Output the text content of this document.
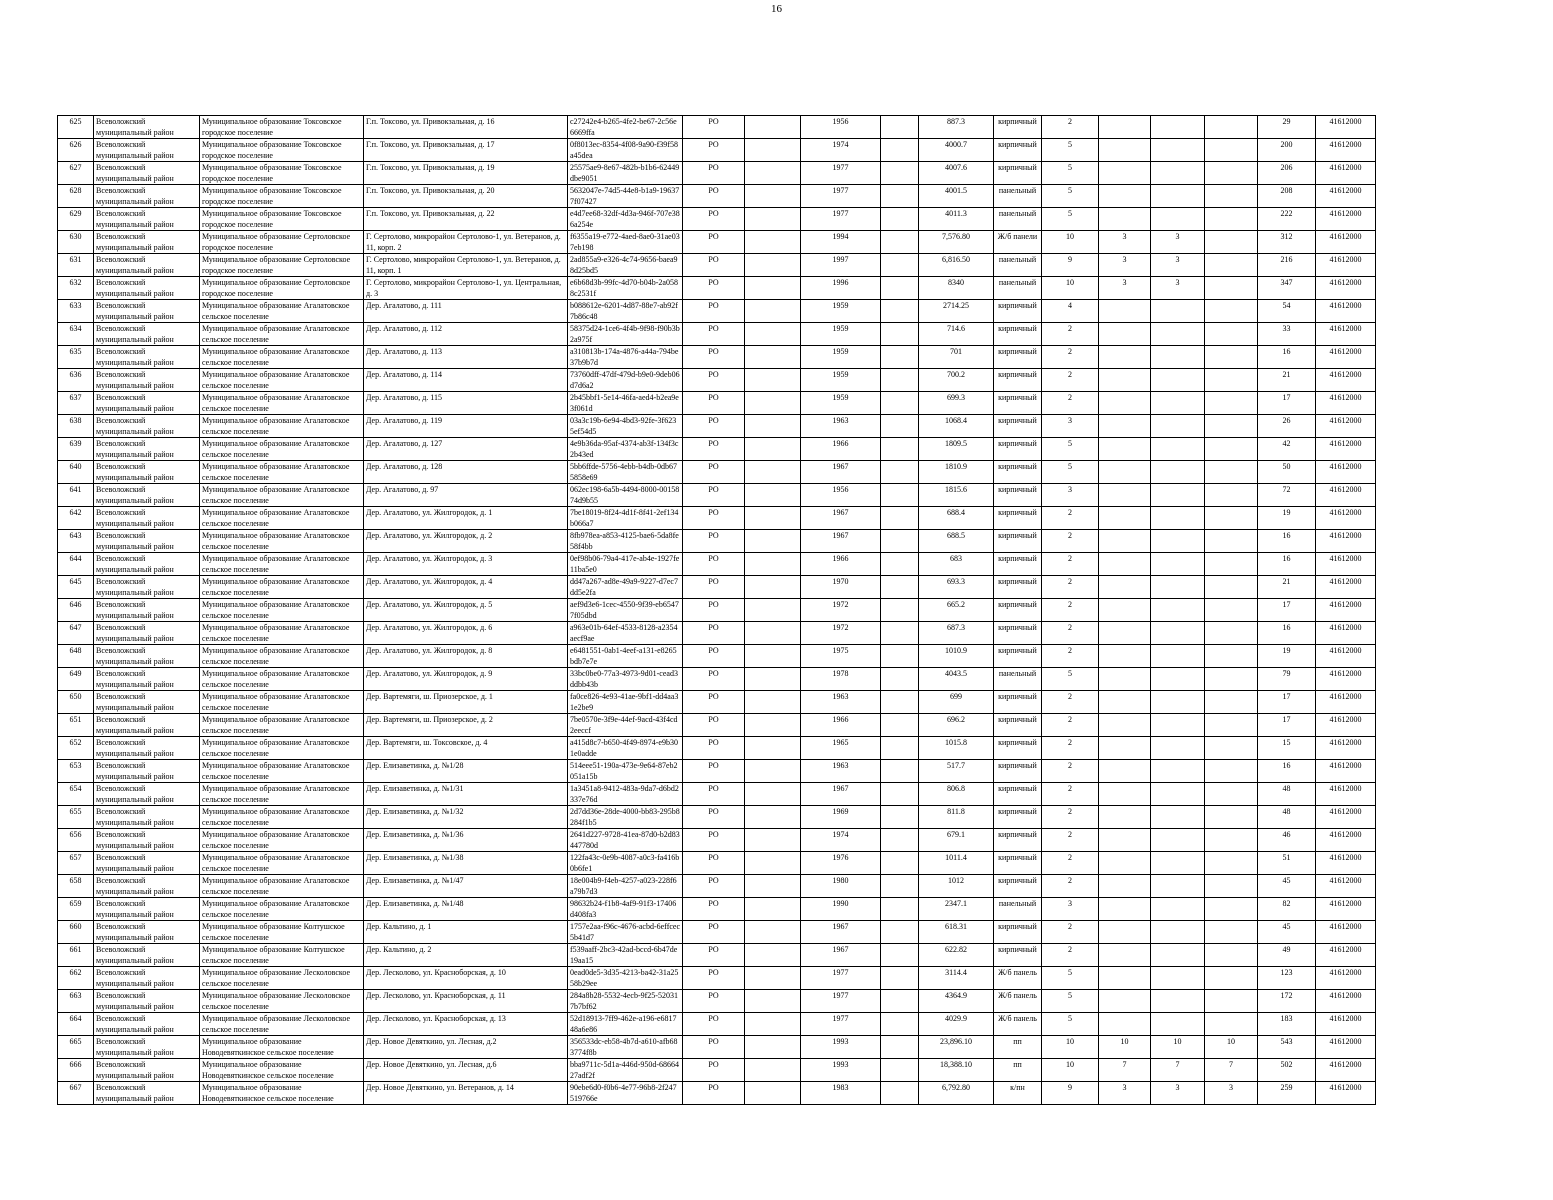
16
625	Всеволожский муниципальный район	Муниципальное образование Токсовское городское поселение	Г.п. Токсово, ул. Привокзальная, д. 16	c27242e4-b265-4fe2-be67-2c56e6669ffa	РО		1956		887.3	кирпичный	2				29	41612000
626	Всеволожский муниципальный район	Муниципальное образование Токсовское городское поселение	Г.п. Токсово, ул. Привокзальная, д. 17	0f8013ec-8354-4f08-9a90-f39f58a45dea	РО		1974		4000.7	кирпичный	5				200	41612000
627	Всеволожский муниципальный район	Муниципальное образование Токсовское городское поселение	Г.п. Токсово, ул. Привокзальная, д. 19	25575ae9-8e67-482b-b1b6-62449dbe9051	РО		1977		4007.6	кирпичный	5				206	41612000
628	Всеволожский муниципальный район	Муниципальное образование Токсовское городское поселение	Г.п. Токсово, ул. Привокзальная, д. 20	5632047e-74d5-44e8-b1a9-196377f07427	РО		1977		4001.5	панельный	5				208	41612000
629	Всеволожский муниципальный район	Муниципальное образование Токсовское городское поселение	Г.п. Токсово, ул. Привокзальная, д. 22	e4d7ee68-32df-4d3a-946f-707e386a254e	РО		1977		4011.3	панельный	5				222	41612000
630	Всеволожский муниципальный район	Муниципальное образование Сертоловское городское поселение	Г. Сертолово, микрорайон Сертолово-1, ул. Ветеранов, д. 11, корп. 2	f6355a19-e772-4aed-8ae0-31ae037eb198	РО		1994		7,576.80	Ж/б панели	10	3	3		312	41612000
631	Всеволожский муниципальный район	Муниципальное образование Сертоловское городское поселение	Г. Сертолово, микрорайон Сертолово-1, ул. Ветеранов, д. 11, корп. 1	2ad855a9-e326-4c74-9656-baea98d25bd5	РО		1997		6,816.50	панельный	9	3	3		216	41612000
632	Всеволожский муниципальный район	Муниципальное образование Сертоловское городское поселение	Г. Сертолово, микрорайон Сертолово-1, ул. Центральная, д. 3	e6b68d3b-99fc-4d70-b04b-2a0588c2531f	РО		1996		8340	панельный	10	3	3		347	41612000
633	Всеволожский муниципальный район	Муниципальное образование Агалатовское сельское поселение	Дер. Агалатово, д. 111	b088612e-6201-4d87-88e7-ab92f7b86c48	РО		1959		2714.25	кирпичный	4				54	41612000
634	Всеволожский муниципальный район	Муниципальное образование Агалатовское сельское поселение	Дер. Агалатово, д. 112	58375d24-1ce6-4f4b-9f98-f90b3b2a975f	РО		1959		714.6	кирпичный	2				33	41612000
635	Всеволожский муниципальный район	Муниципальное образование Агалатовское сельское поселение	Дер. Агалатово, д. 113	a310813b-174a-4876-a44a-794be37b9b7d	РО		1959		701	кирпичный	2				16	41612000
636	Всеволожский муниципальный район	Муниципальное образование Агалатовское сельское поселение	Дер. Агалатово, д. 114	73760dff-47df-479d-b9e0-9deb06d7d6a2	РО		1959		700.2	кирпичный	2				21	41612000
637	Всеволожский муниципальный район	Муниципальное образование Агалатовское сельское поселение	Дер. Агалатово, д. 115	2b45bbf1-5e14-46fa-aed4-b2ea9e3f061d	РО		1959		699.3	кирпичный	2				17	41612000
638	Всеволожский муниципальный район	Муниципальное образование Агалатовское сельское поселение	Дер. Агалатово, д. 119	03a3c19b-6e94-4bd3-92fe-3f6235ef54d5	РО		1963		1068.4	кирпичный	3				26	41612000
639	Всеволожский муниципальный район	Муниципальное образование Агалатовское сельское поселение	Дер. Агалатово, д. 127	4e9b36da-95af-4374-ab3f-134f3c2b43ed	РО		1966		1809.5	кирпичный	5				42	41612000
640	Всеволожский муниципальный район	Муниципальное образование Агалатовское сельское поселение	Дер. Агалатово, д. 128	5bb6ffde-5756-4ebb-b4db-0db675858e69	РО		1967		1810.9	кирпичный	5				50	41612000
641	Всеволожский муниципальный район	Муниципальное образование Агалатовское сельское поселение	Дер. Агалатово, д. 97	062ec198-6a5b-4494-8000-0015874d9b55	РО		1956		1815.6	кирпичный	3				72	41612000
642	Всеволожский муниципальный район	Муниципальное образование Агалатовское сельское поселение	Дер. Агалатово, ул. Жилгородок, д. 1	7be18019-8f24-4d1f-8f41-2ef134b066a7	РО		1967		688.4	кирпичный	2				19	41612000
643	Всеволожский муниципальный район	Муниципальное образование Агалатовское сельское поселение	Дер. Агалатово, ул. Жилгородок, д. 2	8fb978ea-a853-4125-bae6-5da8fe58f4bb	РО		1967		688.5	кирпичный	2				16	41612000
644	Всеволожский муниципальный район	Муниципальное образование Агалатовское сельское поселение	Дер. Агалатово, ул. Жилгородок, д. 3	0ef98b06-79a4-417e-ab4e-1927fe11ba5e0	РО		1966		683	кирпичный	2				16	41612000
645	Всеволожский муниципальный район	Муниципальное образование Агалатовское сельское поселение	Дер. Агалатово, ул. Жилгородок, д. 4	dd47a267-ad8e-49a9-9227-d7ec7dd5e2fa	РО		1970		693.3	кирпичный	2				21	41612000
646	Всеволожский муниципальный район	Муниципальное образование Агалатовское сельское поселение	Дер. Агалатово, ул. Жилгородок, д. 5	aef9d3e6-1cec-4550-9f39-eb65477f05dbd	РО		1972		665.2	кирпичный	2				17	41612000
647	Всеволожский муниципальный район	Муниципальное образование Агалатовское сельское поселение	Дер. Агалатово, ул. Жилгородок, д. 6	a963e01b-64ef-4533-8128-a2354aecf9ae	РО		1972		687.3	кирпичный	2				16	41612000
648	Всеволожский муниципальный район	Муниципальное образование Агалатовское сельское поселение	Дер. Агалатово, ул. Жилгородок, д. 8	e6481551-0ab1-4eef-a131-e8265bdb7e7e	РО		1975		1010.9	кирпичный	2				19	41612000
649	Всеволожский муниципальный район	Муниципальное образование Агалатовское сельское поселение	Дер. Агалатово, ул. Жилгородок, д. 9	33bc0be0-77a3-4973-9d01-cead3ddbb43b	РО		1978		4043.5	панельный	5				79	41612000
650	Всеволожский муниципальный район	Муниципальное образование Агалатовское сельское поселение	Дер. Вартемяги, ш. Приозерское, д. 1	fa0ce826-4e93-41ae-9bf1-dd4aa31e2be9	РО		1963		699	кирпичный	2				17	41612000
651	Всеволожский муниципальный район	Муниципальное образование Агалатовское сельское поселение	Дер. Вартемяги, ш. Приозерское, д. 2	7be0570e-3f9e-44ef-9acd-43f4cd2eeccf	РО		1966		696.2	кирпичный	2				17	41612000
652	Всеволожский муниципальный район	Муниципальное образование Агалатовское сельское поселение	Дер. Вартемяги, ш. Токсовское, д. 4	a415d8c7-b650-4f49-8974-e9b301e0adde	РО		1965		1015.8	кирпичный	2				15	41612000
653	Всеволожский муниципальный район	Муниципальное образование Агалатовское сельское поселение	Дер. Елизаветинка, д. №1/28	514eee51-190a-473e-9e64-87eb2051a15b	РО		1963		517.7	кирпичный	2				16	41612000
654	Всеволожский муниципальный район	Муниципальное образование Агалатовское сельское поселение	Дер. Елизаветинка, д. №1/31	1a3451a8-9412-483a-9da7-d6bd2337e76d	РО		1967		806.8	кирпичный	2				48	41612000
655	Всеволожский муниципальный район	Муниципальное образование Агалатовское сельское поселение	Дер. Елизаветинка, д. №1/32	2d7dd36e-28de-4000-bb83-295b8284f1b5	РО		1969		811.8	кирпичный	2				48	41612000
656	Всеволожский муниципальный район	Муниципальное образование Агалатовское сельское поселение	Дер. Елизаветинка, д. №1/36	2641d227-9728-41ea-87d0-b2d83447780d	РО		1974		679.1	кирпичный	2				46	41612000
657	Всеволожский муниципальный район	Муниципальное образование Агалатовское сельское поселение	Дер. Елизаветинка, д. №1/38	122fa43c-0e9b-4087-a0c3-fa416b0b6fe1	РО		1976		1011.4	кирпичный	2				51	41612000
658	Всеволожский муниципальный район	Муниципальное образование Агалатовское сельское поселение	Дер. Елизаветинка, д. №1/47	18e004b9-f4eb-4257-a023-228f6a79b7d3	РО		1980		1012	кирпичный	2				45	41612000
659	Всеволожский муниципальный район	Муниципальное образование Агалатовское сельское поселение	Дер. Елизаветинка, д. №1/48	98632b24-f1b8-4af9-91f3-17406d408fa3	РО		1990		2347.1	панельный	3				82	41612000
660	Всеволожский муниципальный район	Муниципальное образование Колтушское сельское поселение	Дер. Кальтино, д. 1	1757e2aa-f96c-4676-acbd-6effcec5b41d7	РО		1967		618.31	кирпичный	2				45	41612000
661	Всеволожский муниципальный район	Муниципальное образование Колтушское сельское поселение	Дер. Кальтино, д. 2	f539aaff-2bc3-42ad-bccd-6b47de19aa15	РО		1967		622.82	кирпичный	2				49	41612000
662	Всеволожский муниципальный район	Муниципальное образование Лесколовское сельское поселение	Дер. Лесколово, ул. Красноборская, д. 10	0ead0de5-3d35-4213-ba42-31a2558b29ee	РО		1977		3114.4	Ж/б панель	5				123	41612000
663	Всеволожский муниципальный район	Муниципальное образование Лесколовское сельское поселение	Дер. Лесколово, ул. Красноборская, д. 11	284a8b28-5532-4ecb-9f25-520317b7bf62	РО		1977		4364.9	Ж/б панель	5				172	41612000
664	Всеволожский муниципальный район	Муниципальное образование Лесколовское сельское поселение	Дер. Лесколово, ул. Красноборская, д. 13	52d18913-7ff9-462e-a196-e681748a6e86	РО		1977		4029.9	Ж/б панель	5				183	41612000
665	Всеволожский муниципальный район	Муниципальное образование Новодевяткинское сельское поселение	Дер. Новое Девяткино, ул. Лесная, д.2	356533dc-eb58-4b7d-a610-afb683774f8b	РО		1993		23,896.10	пп	10	10	10	10	543	41612000
666	Всеволожский муниципальный район	Муниципальное образование Новодевяткинское сельское поселение	Дер. Новое Девяткино, ул. Лесная, д.6	bba9711c-5d1a-446d-950d-6866427adf2f	РО		1993		18,388.10	пп	10	7	7	7	502	41612000
667	Всеволожский муниципальный район	Муниципальное образование Новодевяткинское сельское поселение	Дер. Новое Девяткино, ул. Ветеранов, д. 14	90ebe6d0-f0b6-4e77-96b8-2f247519766e	РО		1983		6,792.80	к/пн	9	3	3	3	259	41612000
